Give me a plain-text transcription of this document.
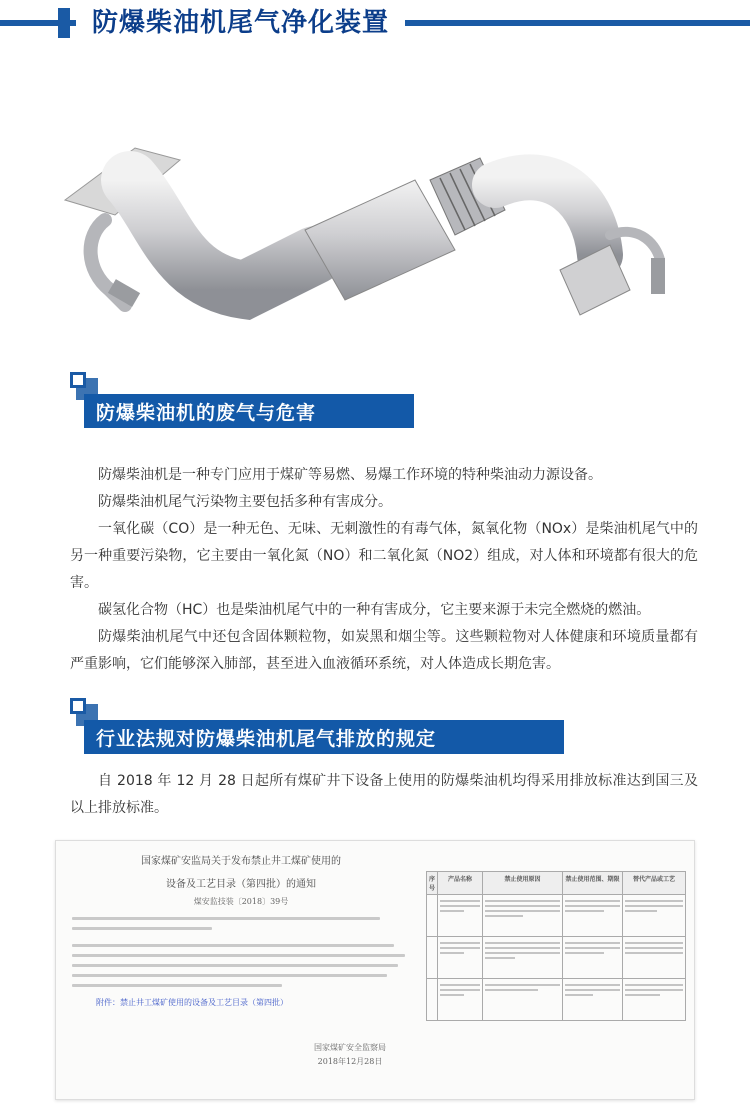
防爆柴油机尾气净化装置
防爆柴油机的废气与危害

防爆柴油机是一种专门应用于煤矿等易燃、易爆工作环境的特种柴油动力源设备。

防爆柴油机尾气污染物主要包括多种有害成分。

一氧化碳（CO）是一种无色、无味、无刺激性的有毒气体，氮氧化物（NOx）是柴油机尾气中的另一种重要污染物，它主要由一氧化氮（NO）和二氧化氮（NO2）组成，对人体和环境都有很大的危害。

碳氢化合物（HC）也是柴油机尾气中的一种有害成分，它主要来源于未完全燃烧的燃油。

防爆柴油机尾气中还包含固体颗粒物，如炭黑和烟尘等。这些颗粒物对人体健康和环境质量都有严重影响，它们能够深入肺部，甚至进入血液循环系统，对人体造成长期危害。

行业法规对防爆柴油机尾气排放的规定

自 2018 年 12 月 28 日起所有煤矿井下设备上使用的防爆柴油机均得采用排放标准达到国三及以上排放标准。

国家煤矿安监局关于发布禁止井工煤矿使用的
设备及工艺目录（第四批）的通知
煤安监技装〔2018〕39号
附件：禁止井工煤矿使用的设备及工艺目录（第四批）
国家煤矿安全监察局
2018年12月28日
序号	产品名称	禁止使用原因	禁止使用范围、期限	替代产品或工艺
